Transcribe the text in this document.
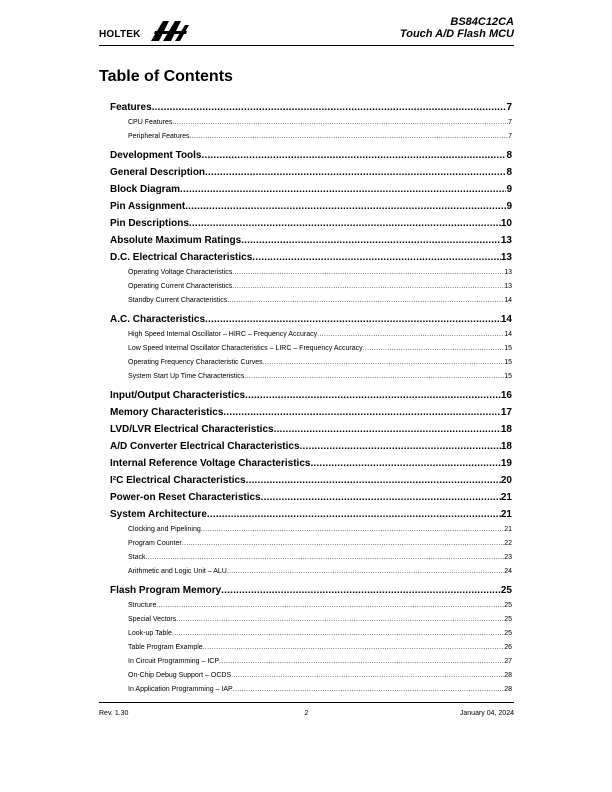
HOLTEK
BS84C12CA
Touch A/D Flash MCU
Table of Contents
Features .....	7
CPU Features .....	7
Peripheral Features .....	7
Development Tools .....	8
General Description .....	8
Block Diagram .....	9
Pin Assignment .....	9
Pin Descriptions .....	10
Absolute Maximum Ratings .....	13
D.C. Electrical Characteristics .....	13
Operating Voltage Characteristics .....	13
Operating Current Characteristics .....	13
Standby Current Characteristics .....	14
A.C. Characteristics .....	14
High Speed Internal Oscillator – HIRC – Frequency Accuracy .....	14
Low Speed Internal Oscillator Characteristics – LIRC – Frequency Accuracy .....	15
Operating Frequency Characteristic Curves .....	15
System Start Up Time Characteristics .....	15
Input/Output Characteristics .....	16
Memory Characteristics .....	17
LVD/LVR Electrical Characteristics .....	18
A/D Converter Electrical Characteristics .....	18
Internal Reference Voltage Characteristics .....	19
I²C Electrical Characteristics .....	20
Power-on Reset Characteristics .....	21
System Architecture .....	21
Clocking and Pipelining .....	21
Program Counter .....	22
Stack .....	23
Arithmetic and Logic Unit – ALU .....	24
Flash Program Memory .....	25
Structure .....	25
Special Vectors .....	25
Look-up Table .....	25
Table Program Example .....	26
In Circuit Programming – ICP .....	27
On-Chip Debug Support – OCDS .....	28
In Application Programming – IAP .....	28
Rev. 1.30	2	January 04, 2024
